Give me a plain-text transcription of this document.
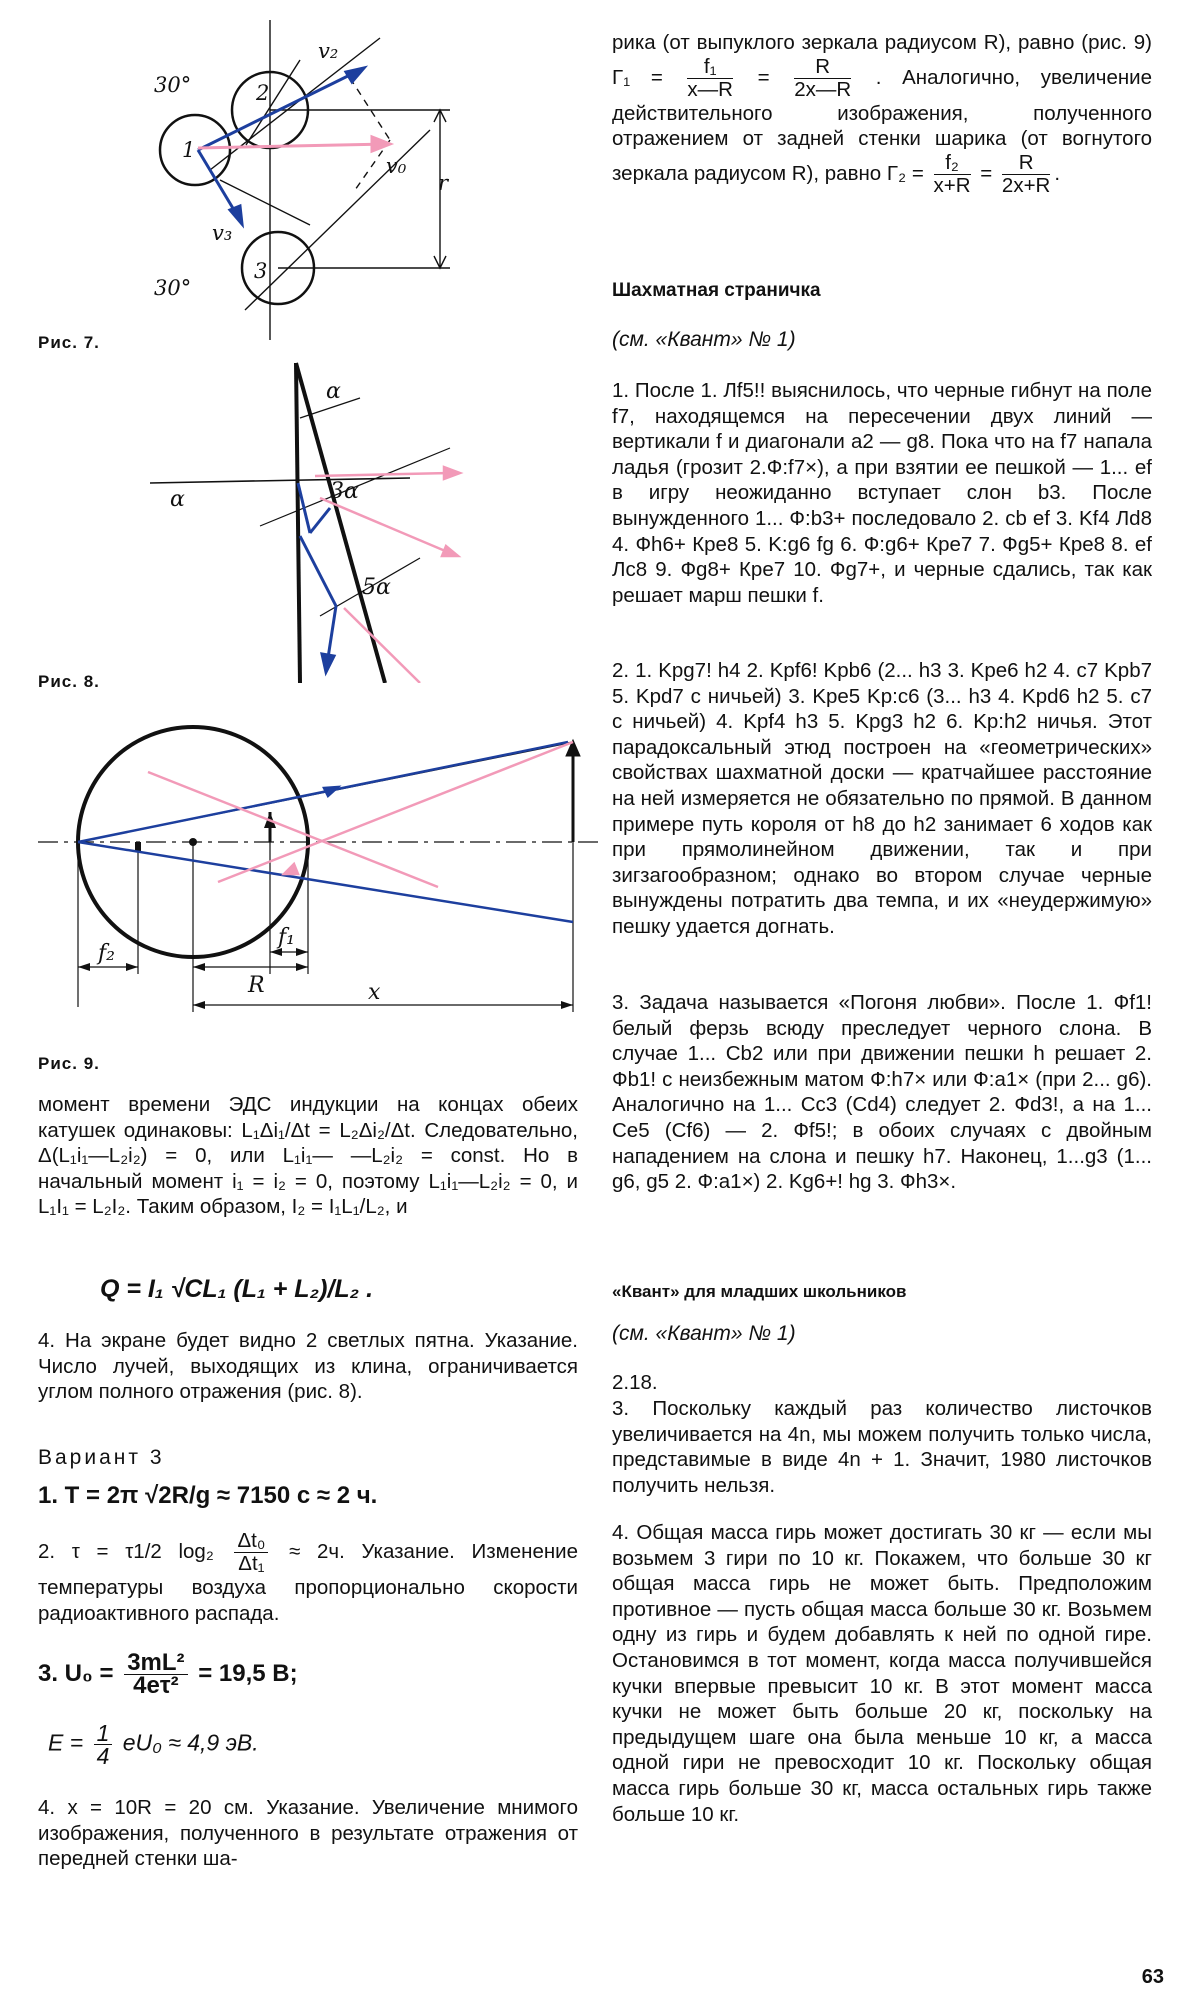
30°
30°
1
2
3
v₂
v₀
v₃
r
Рис. 7.
α
α	3α
5α
Рис. 8.
f₂
f₁
R	x
Рис. 9.
момент времени ЭДС индукции на концах обеих катушек одинаковы: L₁Δi₁/Δt = L₂Δi₂/Δt. Следовательно, Δ(L₁i₁—L₂i₂) = 0, или L₁i₁— —L₂i₂ = const. Но в начальный момент i₁ = i₂ = 0, поэтому L₁i₁—L₂i₂ = 0, и L₁I₁ = L₂I₂. Таким образом, I₂ = I₁L₁/L₂, и
Q = I₁ √CL₁ (L₁ + L₂)/L₂ .
4. На экране будет видно 2 светлых пятна. Указание. Число лучей, выходящих из клина, ограничивается углом полного отражения (рис. 8).
Вариант 3
1. T = 2π √2R/g ≈ 7150 с ≈ 2 ч.
2. τ = τ1/2 $\log_2 \frac{\text{Δt₀}}{\text{Δt₁}} \approx 2ч$. Указание. Изменение температуры воздуха пропорционально скорости радиоактивного распада.
3. $U_0 = \frac{\text{3mL²}}{\text{4eτ²}} = 19,5$ В;
$E = \frac{1}{4} eU_0 \approx 4,9$ эВ.
4. x = 10R = 20 см. Указание. Увеличение мнимого изображения, полученного в результате отражения от передней стенки ша-
рика (от выпуклого зеркала радиусом R), равно (рис. 9) $\Gamma_1 = \frac{\text{f₁}}{x—R} = \frac{R}{2x—R}$ . Аналогично, увеличение действительного изображения, полученного отражением от задней стенки шарика (от вогнутого зеркала радиусом R), равно $\Gamma_2 = \frac{\text{f₂}}{x+R} = \frac{R}{2x+R}$ .
Шахматная страничка
(см. «Квант» № 1)
1. После 1. Лf5!! выяснилось, что черные гибнут на поле f7, находящемся на пересечении двух линий — вертикали f и диагонали a2 — g8. Пока что на f7 напала ладья (грозит 2.Ф:f7×), а при взятии ее пешкой — 1... ef в игру неожиданно вступает слон b3. После вынужденного 1... Ф:b3+ последовало 2. cb ef 3. Kf4 Лd8 4. Фh6+ Крe8 5. K:g6 fg 6. Ф:g6+ Крe7 7. Фg5+ Крe8 8. ef Лc8 9. Фg8+ Крe7 10. Фg7+, и черные сдались, так как решает марш пешки f.
2. 1. Kpg7! h4 2. Kpf6! Kpb6 (2... h3 3. Kpe6 h2 4. c7 Kpb7 5. Kpd7 с ничьей) 3. Kpe5 Kp:c6 (3... h3 4. Kpd6 h2 5. c7 с ничьей) 4. Kpf4 h3 5. Kpg3 h2 6. Kp:h2 ничья. Этот парадоксальный этюд построен на «геометрических» свойствах шахматной доски — кратчайшее расстояние на ней измеряется не обязательно по прямой. В данном примере путь короля от h8 до h2 занимает 6 ходов как при прямолинейном движении, так и при зигзагообразном; однако во втором случае черные вынуждены потратить два темпа, и их «неудержимую» пешку удается догнать.
3. Задача называется «Погоня любви». После 1. Фf1! белый ферзь всюду преследует черного слона. В случае 1... Cb2 или при движении пешки h решает 2. Фb1! с неизбежным матом Ф:h7× или Ф:a1× (при 2... g6). Аналогично на 1... Cc3 (Cd4) следует 2. Фd3!, а на 1... Ce5 (Cf6) — 2. Фf5!; в обоих случаях с двойным нападением на слона и пешку h7. Наконец, 1...g3 (1... g6, g5 2. Ф:a1×) 2. Kg6+! hg 3. Фh3×.
«Квант» для младших школьников
(см. «Квант» № 1)
2.18.
3. Поскольку каждый раз количество листочков увеличивается на 4n, мы можем получить только числа, представимые в виде 4n + 1. Значит, 1980 листочков получить нельзя.
4. Общая масса гирь может достигать 30 кг — если мы возьмем 3 гири по 10 кг. Покажем, что больше 30 кг общая масса гирь не может быть. Предположим противное — пусть общая масса больше 30 кг. Возьмем одну из гирь и будем добавлять к ней по одной гире. Остановимся в тот момент, когда масса получившейся кучки впервые превысит 10 кг. В этот момент масса кучки не может быть больше 20 кг, поскольку на предыдущем шаге она была меньше 10 кг, а масса одной гири не превосходит 10 кг. Поскольку общая масса гирь больше 30 кг, масса остальных гирь также больше 10 кг.
63
